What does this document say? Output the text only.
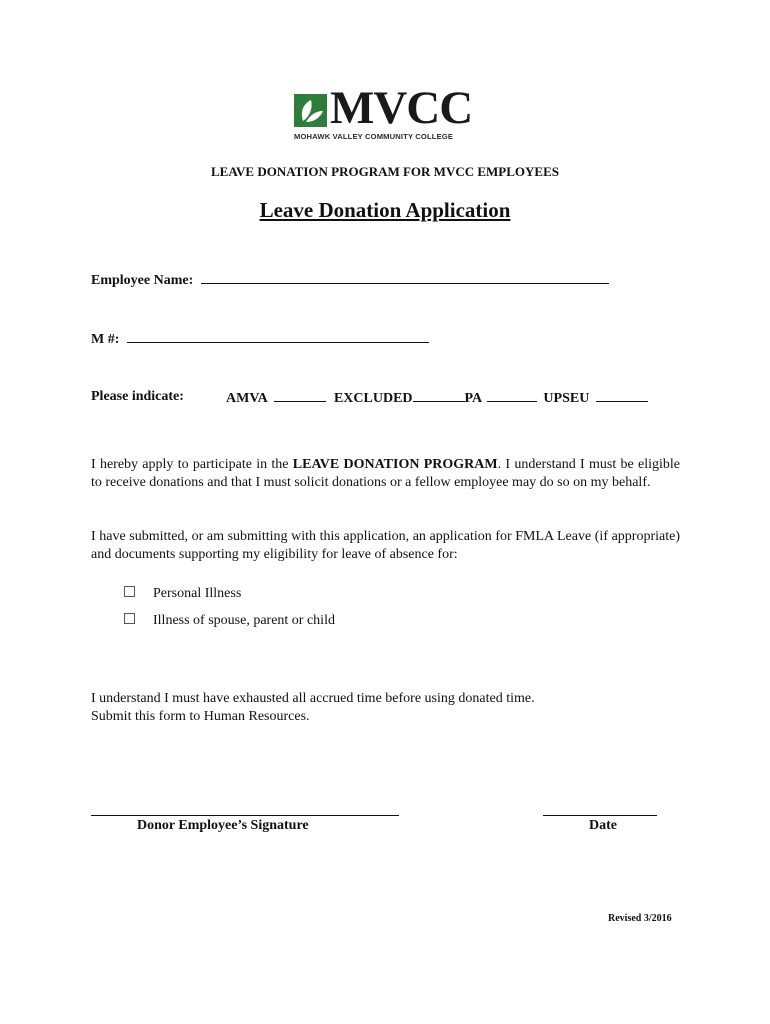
MVCC
MOHAWK VALLEY COMMUNITY COLLEGE
LEAVE DONATION PROGRAM FOR MVCC EMPLOYEES
Leave Donation Application
Employee Name:
M #:
Please indicate:	AMVA	EXCLUDED	PA	UPSEU
I hereby apply to participate in the LEAVE DONATION PROGRAM. I understand I must be eligible to receive donations and that I must solicit donations or a fellow employee may do so on my behalf.
I have submitted, or am submitting with this application, an application for FMLA Leave (if appropriate) and documents supporting my eligibility for leave of absence for:
Personal Illness
Illness of spouse, parent or child
I understand I must have exhausted all accrued time before using donated time.
Submit this form to Human Resources.
Donor Employee’s Signature	Date
Revised 3/2016
